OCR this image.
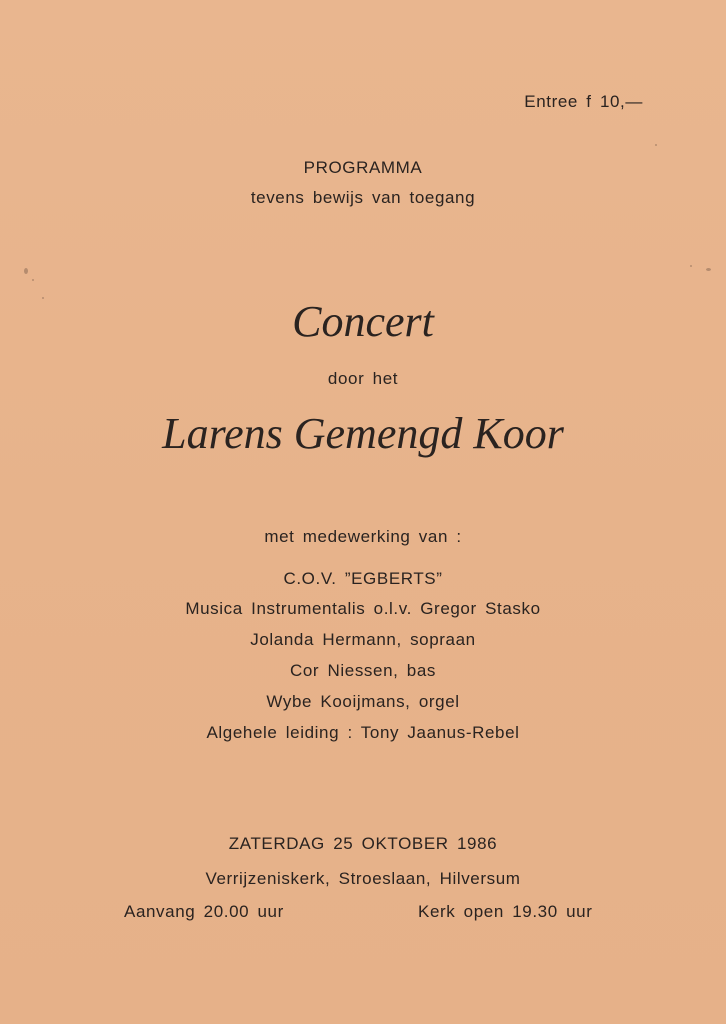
Entree f 10,—
PROGRAMMA
tevens bewijs van toegang
Concert
door het
Larens Gemengd Koor
met medewerking van :
C.O.V. ”EGBERTS”
Musica Instrumentalis o.l.v. Gregor Stasko
Jolanda Hermann, sopraan
Cor Niessen, bas
Wybe Kooijmans, orgel
Algehele leiding : Tony Jaanus-Rebel
ZATERDAG 25 OKTOBER 1986
Verrijzeniskerk, Stroeslaan, Hilversum
Aanvang 20.00 uur	Kerk open 19.30 uur
